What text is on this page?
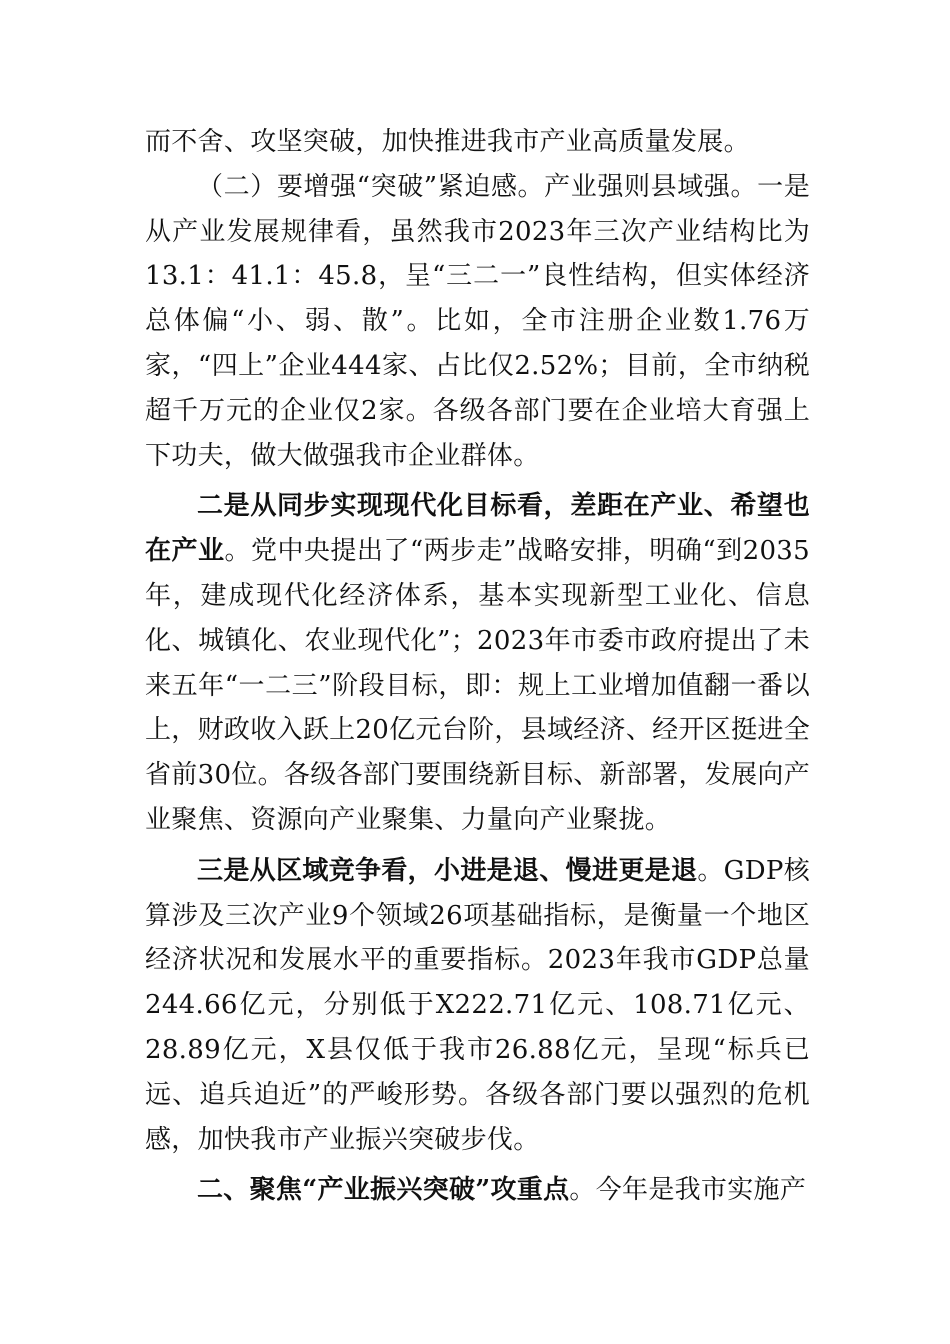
而不舍、攻坚突破，加快推进我市产业高质量发展。

（二）要增强“突破”紧迫感。产业强则县域强。一是从产业发展规律看，虽然我市2023年三次产业结构比为13.1：41.1：45.8，呈“三二一”良性结构，但实体经济总体偏“小、弱、散”。比如，全市注册企业数1.76万家，“四上”企业444家、占比仅2.52%；目前，全市纳税超千万元的企业仅2家。各级各部门要在企业培大育强上下功夫，做大做强我市企业群体。

二是从同步实现现代化目标看，差距在产业、希望也在产业。党中央提出了“两步走”战略安排，明确“到2035年，建成现代化经济体系，基本实现新型工业化、信息化、城镇化、农业现代化”；2023年市委市政府提出了未来五年“一二三”阶段目标，即：规上工业增加值翻一番以上，财政收入跃上20亿元台阶，县域经济、经开区挺进全省前30位。各级各部门要围绕新目标、新部署，发展向产业聚焦、资源向产业聚集、力量向产业聚拢。

三是从区域竞争看，小进是退、慢进更是退。GDP核算涉及三次产业9个领域26项基础指标，是衡量一个地区经济状况和发展水平的重要指标。2023年我市GDP总量244.66亿元，分别低于X222.71亿元、108.71亿元、28.89亿元，X县仅低于我市26.88亿元，呈现“标兵已远、追兵迫近”的严峻形势。各级各部门要以强烈的危机感，加快我市产业振兴突破步伐。

二、聚焦“产业振兴突破”攻重点。今年是我市实施产
